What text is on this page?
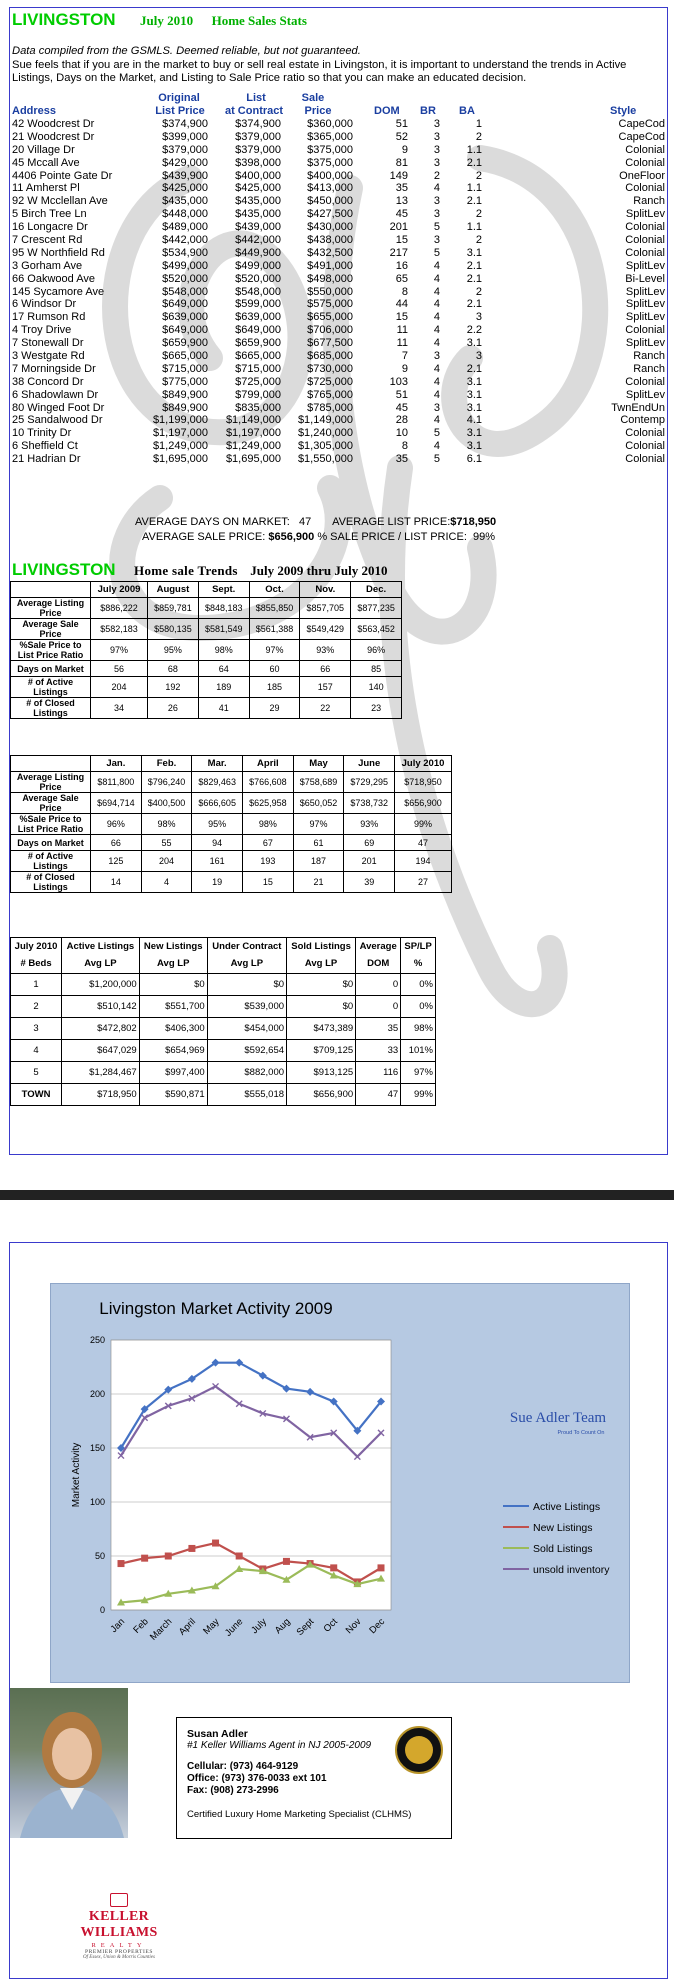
LIVINGSTON July 2010 Home Sales Stats
Data compiled from the GSMLS. Deemed reliable, but not guaranteed.
Sue feels that if you are in the market to buy or sell real estate in Livingston, it is important to understand the trends in Active Listings, Days on the Market, and Listing to Sale Price ratio so that you can make an educated decision.
Original	List	Sale
Address	List Price	at Contract	Price	DOM BR BA	Style
42 Woodcrest Dr	$374,900	$374,900	$360,000	51	3	1	CapeCod
21 Woodcrest Dr	$399,000	$379,000	$365,000	52	3	2	CapeCod
20 Village Dr	$379,000	$379,000	$375,000	9	3	1.1	Colonial
45 Mccall Ave	$429,000	$398,000	$375,000	81	3	2.1	Colonial
4406 Pointe Gate Dr	$439,900	$400,000	$400,000	149	2	2	OneFloor
11 Amherst Pl	$425,000	$425,000	$413,000	35	4	1.1	Colonial
92 W Mcclellan Ave	$435,000	$435,000	$450,000	13	3	2.1	Ranch
5 Birch Tree Ln	$448,000	$435,000	$427,500	45	3	2	SplitLev
16 Longacre Dr	$489,000	$439,000	$430,000	201	5	1.1	Colonial
7 Crescent Rd	$442,000	$442,000	$438,000	15	3	2	Colonial
95 W Northfield Rd	$534,900	$449,900	$432,500	217	5	3.1	Colonial
3 Gorham Ave	$499,000	$499,000	$491,000	16	4	2.1	SplitLev
66 Oakwood Ave	$520,000	$520,000	$498,000	65	4	2.1	Bi-Level
145 Sycamore Ave	$548,000	$548,000	$550,000	8	4	2	SplitLev
6 Windsor Dr	$649,000	$599,000	$575,000	44	4	2.1	SplitLev
17 Rumson Rd	$639,000	$639,000	$655,000	15	4	3	SplitLev
4 Troy Drive	$649,000	$649,000	$706,000	11	4	2.2	Colonial
7 Stonewall Dr	$659,900	$659,900	$677,500	11	4	3.1	SplitLev
3 Westgate Rd	$665,000	$665,000	$685,000	7	3	3	Ranch
7 Morningside Dr	$715,000	$715,000	$730,000	9	4	2.1	Ranch
38 Concord Dr	$775,000	$725,000	$725,000	103	4	3.1	Colonial
6 Shadowlawn Dr	$849,900	$799,000	$765,000	51	4	3.1	SplitLev
80 Winged Foot Dr	$849,900	$835,000	$785,000	45	3	3.1	TwnEndUn
25 Sandalwood Dr	$1,199,000	$1,149,000	$1,149,000	28	4	4.1	Contemp
10 Trinity Dr	$1,197,000	$1,197,000	$1,240,000	10	5	3.1	Colonial
6 Sheffield Ct	$1,249,000	$1,249,000	$1,305,000	8	4	3.1	Colonial
21 Hadrian Dr	$1,695,000	$1,695,000	$1,550,000	35	5	6.1	Colonial
AVERAGE DAYS ON MARKET: 47 AVERAGE LIST PRICE:$718,950
AVERAGE SALE PRICE: $656,900 % SALE PRICE / LIST PRICE: 99%
LIVINGSTON Home sale Trends July 2009 thru July 2010
	July 2009	August	Sept.	Oct.	Nov.	Dec.
Average Listing Price	$886,222	$859,781	$848,183	$855,850	$857,705	$877,235
Average Sale Price	$582,183	$580,135	$581,549	$561,388	$549,429	$563,452
%Sale Price to List Price Ratio	97%	95%	98%	97%	93%	96%
Days on Market	56	68	64	60	66	85
# of Active Listings	204	192	189	185	157	140
# of Closed Listings	34	26	41	29	22	23
	Jan.	Feb.	Mar.	April	May	June	July 2010
Average Listing Price	$811,800	$796,240	$829,463	$766,608	$758,689	$729,295	$718,950
Average Sale Price	$694,714	$400,500	$666,605	$625,958	$650,052	$738,732	$656,900
%Sale Price to List Price Ratio	96%	98%	95%	98%	97%	93%	99%
Days on Market	66	55	94	67	61	69	47
# of Active Listings	125	204	161	193	187	201	194
# of Closed Listings	14	4	19	15	21	39	27
July 2010	Active Listings	New Listings	Under Contract	Sold Listings	Average	SP/LP
# Beds	Avg LP	Avg LP	Avg LP	Avg LP	DOM	%
1	$1,200,000	$0	$0	$0	0	0%
2	$510,142	$551,700	$539,000	$0	0	0%
3	$472,802	$406,300	$454,000	$473,389	35	98%
4	$647,029	$654,969	$592,654	$709,125	33	101%
5	$1,284,467	$997,400	$882,000	$913,125	116	97%
TOWN	$718,950	$590,871	$555,018	$656,900	47	99%
Livingston Market Activity 2009
0
50
100
150
200
250
Market Activity
Jan Feb
March April May June July Aug Sept Oct Nov Dec
Active Listings
New Listings
Sold Listings
unsold inventory
Sue Adler Team
Proud To Count On
Susan Adler
#1 Keller Williams Agent in NJ 2005-2009
Cellular: (973) 464-9129
Office: (973) 376-0033 ext 101
Fax: (908) 273-2996
Certified Luxury Home Marketing Specialist (CLHMS)
KELLER WILLIAMS
REALTY
PREMIER PROPERTIES
Of Essex, Union & Morris Counties
